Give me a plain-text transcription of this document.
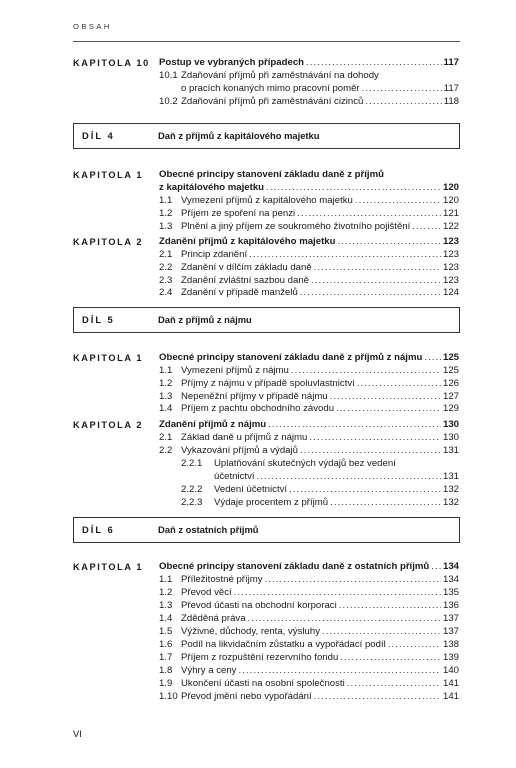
OBSAH
KAPITOLA 10 Postup ve vybraných případech . . .	117
10.1 Zdaňování příjmů při zaměstnávání na dohody
o pracích konaných mimo pracovní poměr . . .	117
10.2 Zdaňování příjmů při zaměstnávání cizinců . . .	118
DÍL 4	Daň z příjmů z kapitálového majetku
KAPITOLA 1 Obecné principy stanovení základu daně z příjmů
z kapitálového majetku . . .	120
1.1 Vymezení příjmů z kapitálového majetku . . .	120
1.2 Příjem ze spoření na penzi . . .	121
1.3 Plnění a jiný příjem ze soukromého životního pojištění . . .	122
KAPITOLA 2 Zdanění příjmů z kapitálového majetku . . .	123
2.1 Princip zdanění . . .	123
2.2 Zdanění v dílčím základu daně . . .	123
2.3 Zdanění zvláštní sazbou daně . . .	123
2.4 Zdanění v případě manželů . . .	124
DÍL 5	Daň z příjmů z nájmu
KAPITOLA 1 Obecné principy stanovení základu daně z příjmů z nájmu . . . 125
1.1 Vymezení příjmů z nájmu . . .	125
1.2 Příjmy z nájmu v případě spoluvlastnictví . . .	126
1.3 Nepeněžní příjmy v případě nájmu . . .	127
1.4 Příjem z pachtu obchodního závodu . . .	129
KAPITOLA 2 Zdanění příjmů z nájmu . . .	130
2.1 Základ daně u příjmů z nájmu . . .	130
2.2 Vykazování příjmů a výdajů . . .	131
2.2.1 Uplatňování skutečných výdajů bez vedení
účetnictví . . .	131
2.2.2 Vedení účetnictví . . .	132
2.2.3 Výdaje procentem z příjmů . . .	132
DÍL 6	Daň z ostatních příjmů
KAPITOLA 1 Obecné principy stanovení základu daně z ostatních příjmů . . . 134
1.1 Příležitostné příjmy . . .	134
1.2 Převod věcí . . .	135
1.3 Převod účasti na obchodní korporaci . . .	136
1.4 Zděděná práva . . .	137
1.5 Výživné, důchody, renta, výsluhy . . .	137
1.6 Podíl na likvidačním zůstatku a vypořádací podíl . . .	138
1.7 Příjem z rozpuštění rezervního fondu . . .	139
1.8 Výhry a ceny . . .	140
1.9 Ukončení účasti na osobní společnosti . . .	141
1.10 Převod jmění nebo vypořádání . . .	141
VI
